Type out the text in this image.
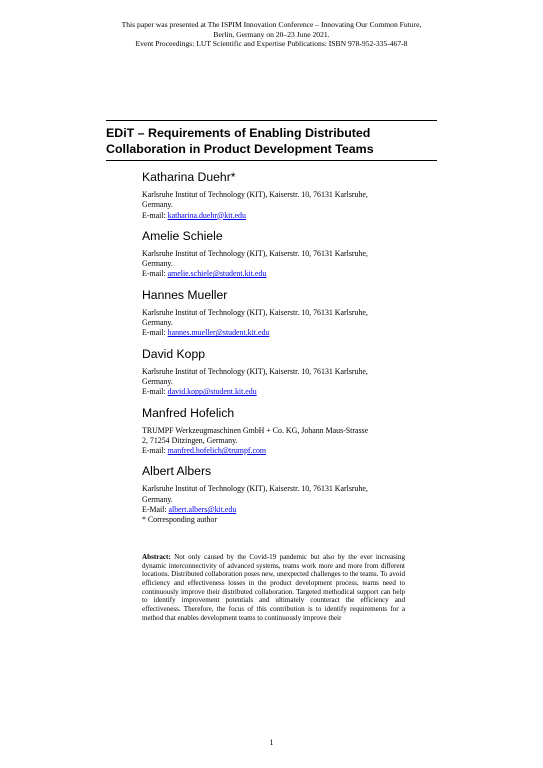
This paper was presented at The ISPIM Innovation Conference – Innovating Our Common Future,
Berlin, Germany on 20–23 June 2021.
Event Proceedings: LUT Scientific and Expertise Publications: ISBN 978-952-335-467-8
EDiT – Requirements of Enabling Distributed
Collaboration in Product Development Teams
Katharina Duehr*
Karlsruhe Institut of Technology (KIT), Kaiserstr. 10, 76131 Karlsruhe,
Germany.
E-mail: katharina.duehr@kit.edu
Amelie Schiele
Karlsruhe Institut of Technology (KIT), Kaiserstr. 10, 76131 Karlsruhe,
Germany.
E-mail: amelie.schiele@student.kit.edu
Hannes Mueller
Karlsruhe Institut of Technology (KIT), Kaiserstr. 10, 76131 Karlsruhe,
Germany.
E-mail: hannes.mueller@student.kit.edu
David Kopp
Karlsruhe Institut of Technology (KIT), Kaiserstr. 10, 76131 Karlsruhe,
Germany.
E-mail: david.kopp@student.kit.edu
Manfred Hofelich
TRUMPF Werkzeugmaschinen GmbH + Co. KG, Johann Maus-Strasse
2, 71254 Ditzingen, Germany.
E-mail: manfred.hofelich@trumpf.com
Albert Albers
Karlsruhe Institut of Technology (KIT), Kaiserstr. 10, 76131 Karlsruhe,
Germany.
E-Mail: albert.albers@kit.edu
* Corresponding author
Abstract: Not only caused by the Covid-19 pandemic but also by the ever increasing dynamic interconnectivity of advanced systems, teams work more and more from different locations. Distributed collaboration poses new, unexpected challenges to the teams. To avoid efficiency and effectiveness losses in the product development process, teams need to continuously improve their distributed collaboration. Targeted methodical support can help to identify improvement potentials and ultimately counteract the efficiency and effectiveness. Therefore, the focus of this contribution is to identify requirements for a method that enables development teams to continuously improve their
1
